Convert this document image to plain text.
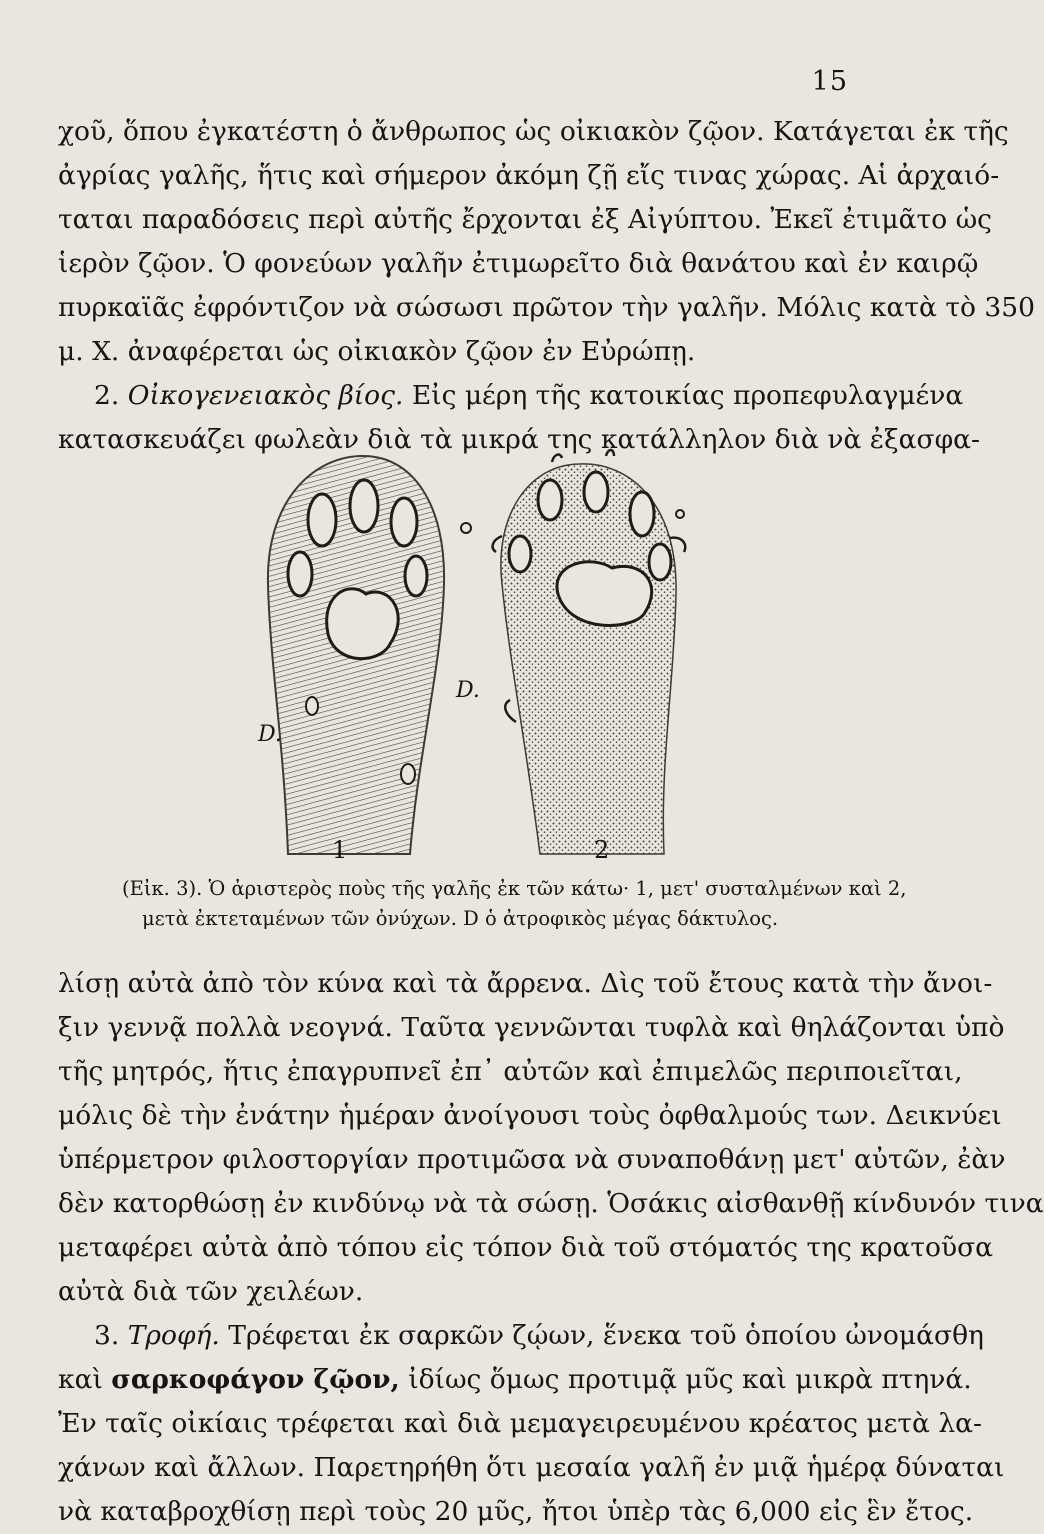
15
χοῦ, ὅπου ἐγκατέστη ὁ ἄνθρωπος ὡς οἰκιακὸν ζῷον. Κατάγεται ἐκ τῆς
ἀγρίας γαλῆς, ἥτις καὶ σήμερον ἀκόμη ζῇ εἴς τινας χώρας. Αἱ ἀρχαιό-
ταται παραδόσεις περὶ αὐτῆς ἔρχονται ἐξ Αἰγύπτου. Ἐκεῖ ἐτιμᾶτο ὡς
ἱερὸν ζῷον. Ὁ φονεύων γαλῆν ἐτιμωρεῖτο διὰ θανάτου καὶ ἐν καιρῷ
πυρκαϊᾶς ἐφρόντιζον νὰ σώσωσι πρῶτον τὴν γαλῆν. Μόλις κατὰ τὸ 350
μ. Χ. ἀναφέρεται ὡς οἰκιακὸν ζῷον ἐν Εὐρώπῃ.
2. Οἰκογενειακὸς βίος. Εἰς μέρη τῆς κατοικίας προπεφυλαγμένα
κατασκευάζει φωλεὰν διὰ τὰ μικρά της κατάλληλον διὰ νὰ ἐξασφα-
D.
D.
1	2
(Εἰκ. 3). Ὁ ἀριστερὸς ποὺς τῆς γαλῆς ἐκ τῶν κάτω· 1, μετ' συσταλμένων καὶ 2,
μετὰ ἐκτεταμένων τῶν ὀνύχων. D ὁ ἀτροφικὸς μέγας δάκτυλος.
λίσῃ αὐτὰ ἀπὸ τὸν κύνα καὶ τὰ ἄρρενα. Δὶς τοῦ ἔτους κατὰ τὴν ἄνοι-
ξιν γεννᾷ πολλὰ νεογνά. Ταῦτα γεννῶνται τυφλὰ καὶ θηλάζονται ὑπὸ
τῆς μητρός, ἥτις ἐπαγρυπνεῖ ἐπ᾽ αὐτῶν καὶ ἐπιμελῶς περιποιεῖται,
μόλις δὲ τὴν ἐνάτην ἡμέραν ἀνοίγουσι τοὺς ὀφθαλμούς των. Δεικνύει
ὑπέρμετρον φιλοστοργίαν προτιμῶσα νὰ συναποθάνῃ μετ' αὐτῶν, ἐὰν
δὲν κατορθώσῃ ἐν κινδύνῳ νὰ τὰ σώσῃ. Ὁσάκις αἰσθανθῇ κίνδυνόν τινα
μεταφέρει αὐτὰ ἀπὸ τόπου εἰς τόπον διὰ τοῦ στόματός της κρατοῦσα
αὐτὰ διὰ τῶν χειλέων.
3. Τροφή. Τρέφεται ἐκ σαρκῶν ζῴων, ἕνεκα τοῦ ὁποίου ὠνομάσθη
καὶ σαρκοφάγον ζῷον, ἰδίως ὅμως προτιμᾷ μῦς καὶ μικρὰ πτηνά.
Ἐν ταῖς οἰκίαις τρέφεται καὶ διὰ μεμαγειρευμένου κρέατος μετὰ λα-
χάνων καὶ ἄλλων. Παρετηρήθη ὅτι μεσαία γαλῆ ἐν μιᾷ ἡμέρᾳ δύναται
νὰ καταβροχθίσῃ περὶ τοὺς 20 μῦς, ἤτοι ὑπὲρ τὰς 6,000 εἰς ἓν ἔτος.
